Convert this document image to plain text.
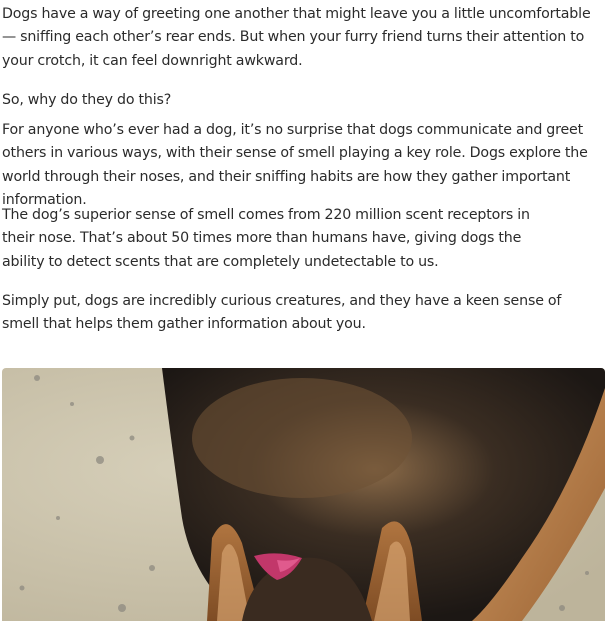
Dogs have a way of greeting one another that might leave you a little uncomfortable — sniffing each other’s rear ends. But when your furry friend turns their attention to your crotch, it can feel downright awkward.

So, why do they do this?

For anyone who’s ever had a dog, it’s no surprise that dogs communicate and greet others in various ways, with their sense of smell playing a key role. Dogs explore the world through their noses, and their sniffing habits are how they gather important information.

The dog’s superior sense of smell comes from 220 million scent receptors in their nose. That’s about 50 times more than humans have, giving dogs the ability to detect scents that are completely undetectable to us.

Simply put, dogs are incredibly curious creatures, and they have a keen sense of smell that helps them gather information about you.
